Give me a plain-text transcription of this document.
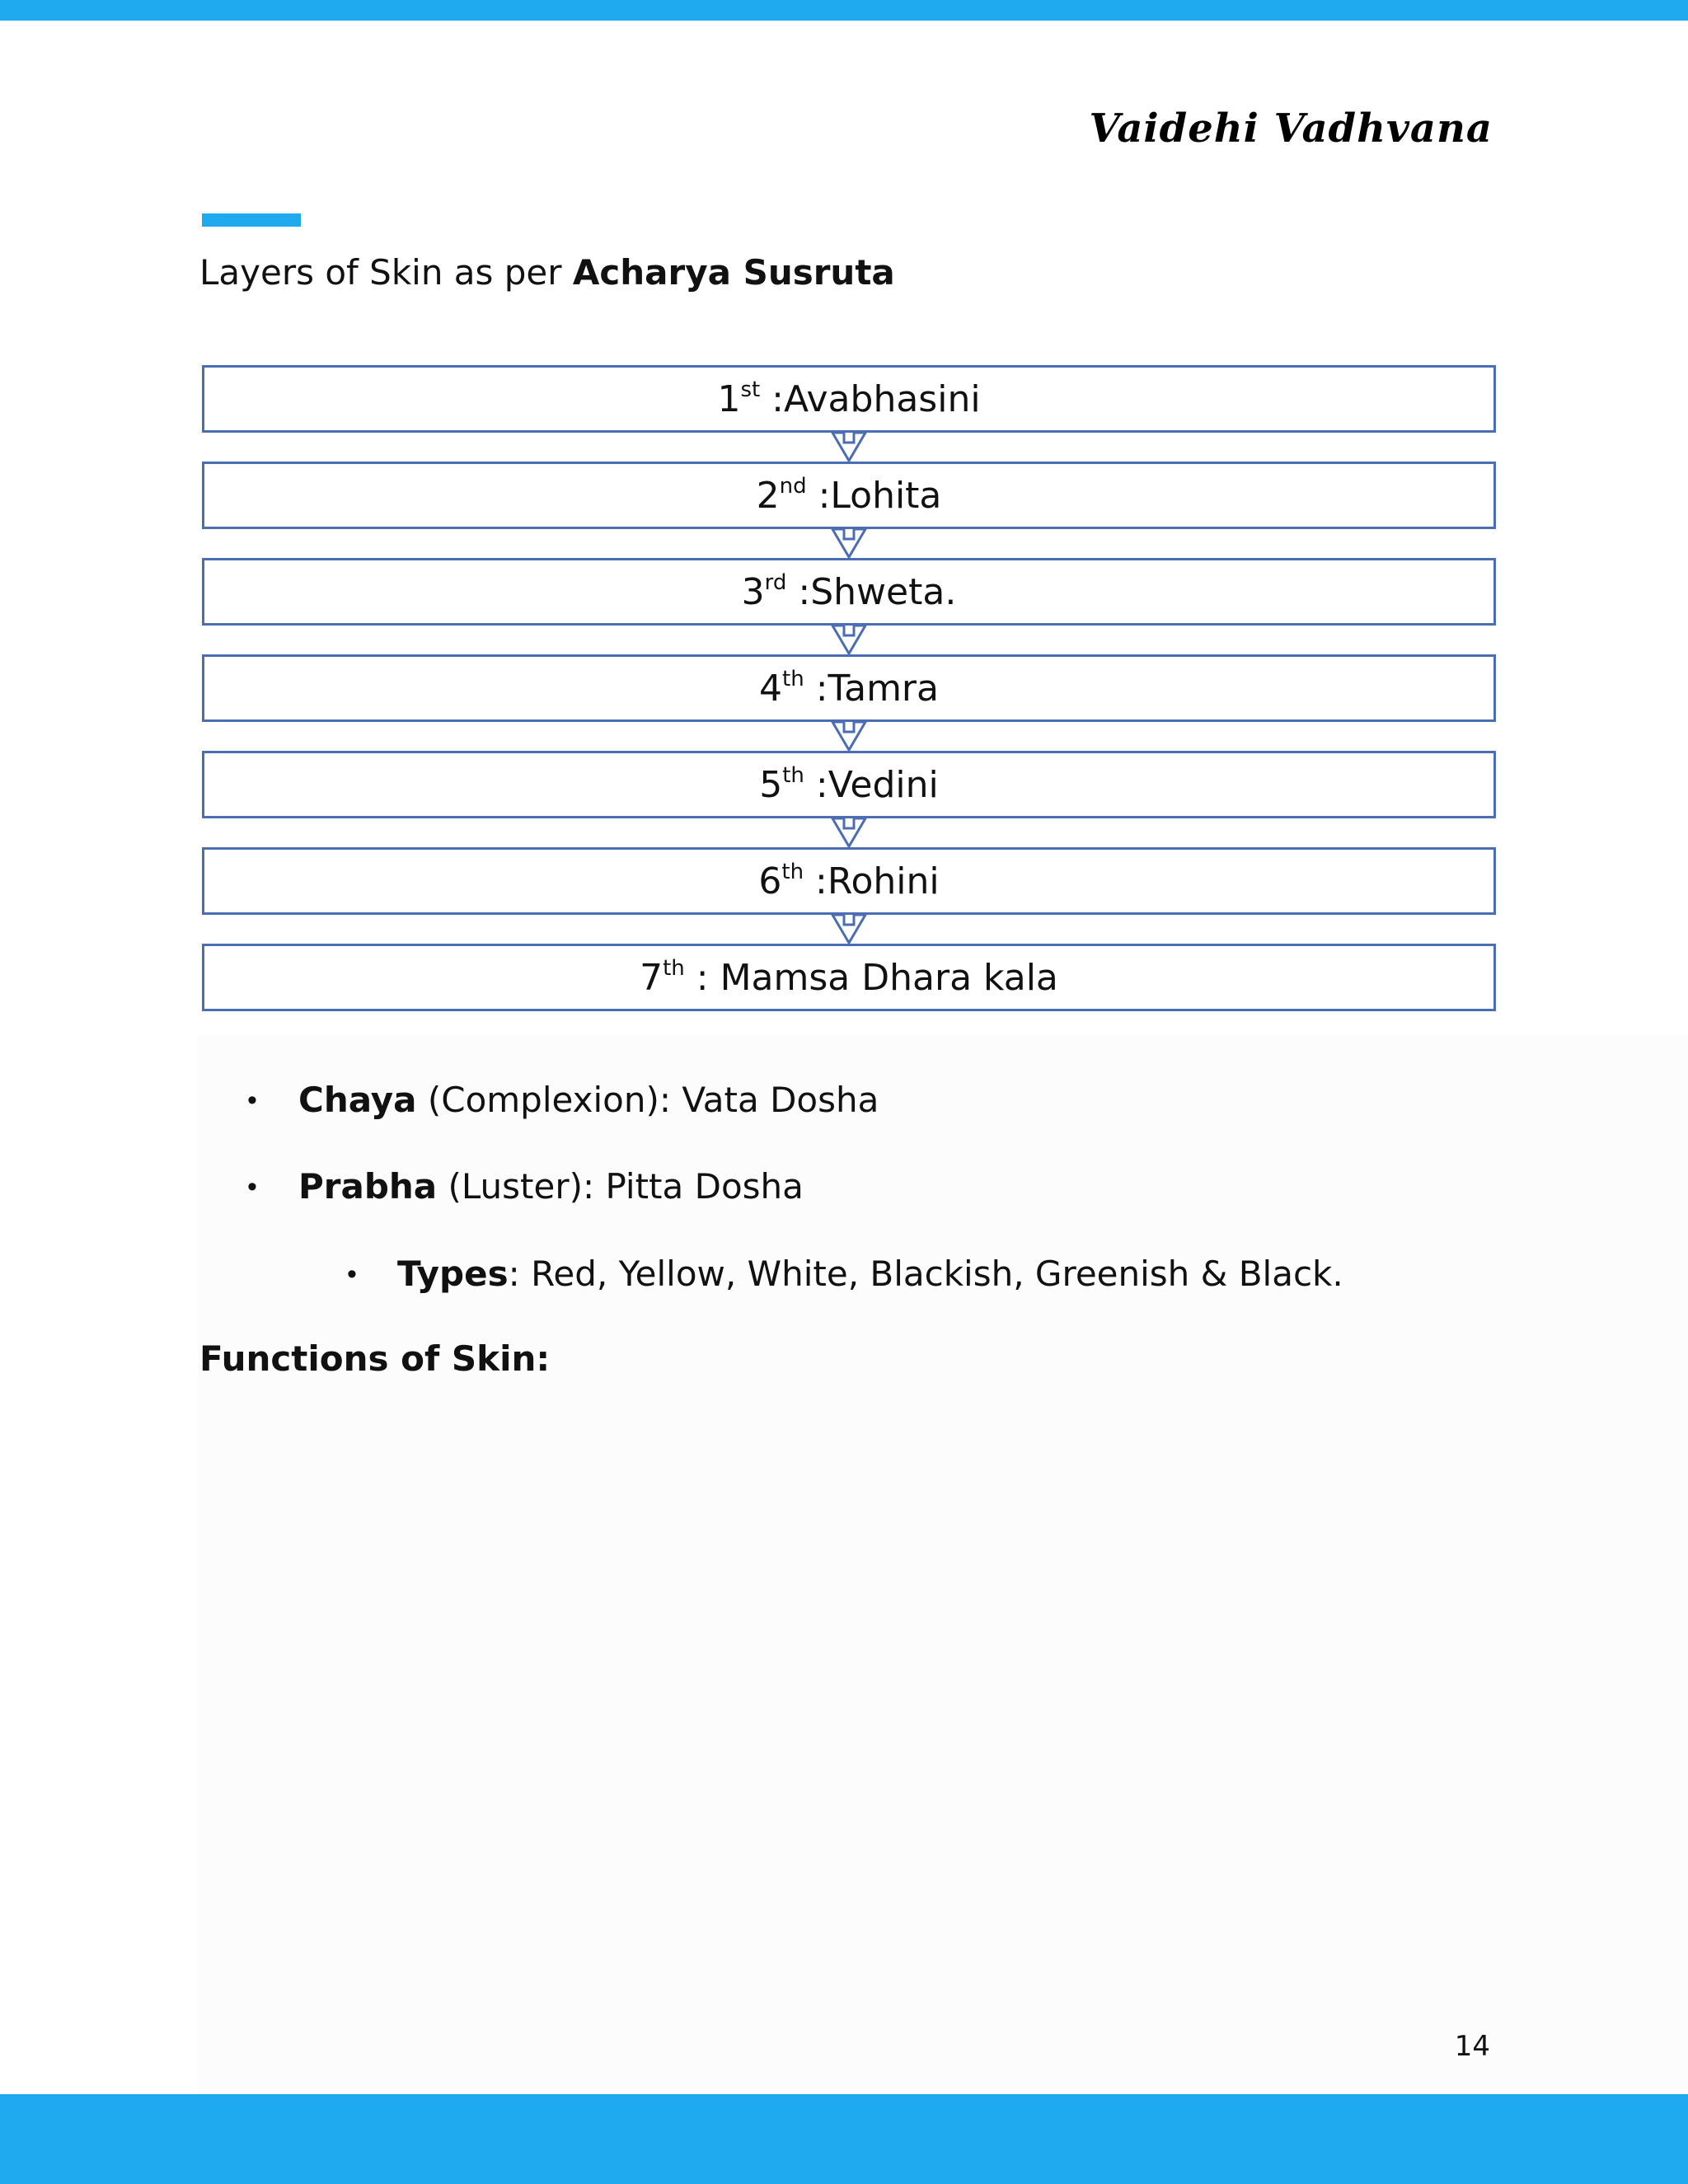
Vaidehi Vadhvana
Layers of Skin as per Acharya Susruta
1st :Avabhasini
2nd :Lohita
3rd :Shweta.
4th :Tamra
5th :Vedini
6th :Rohini
7th : Mamsa Dhara kala
• Chaya (Complexion): Vata Dosha
• Prabha (Luster): Pitta Dosha
• Types: Red, Yellow, White, Blackish, Greenish & Black.
Functions of Skin:
14
